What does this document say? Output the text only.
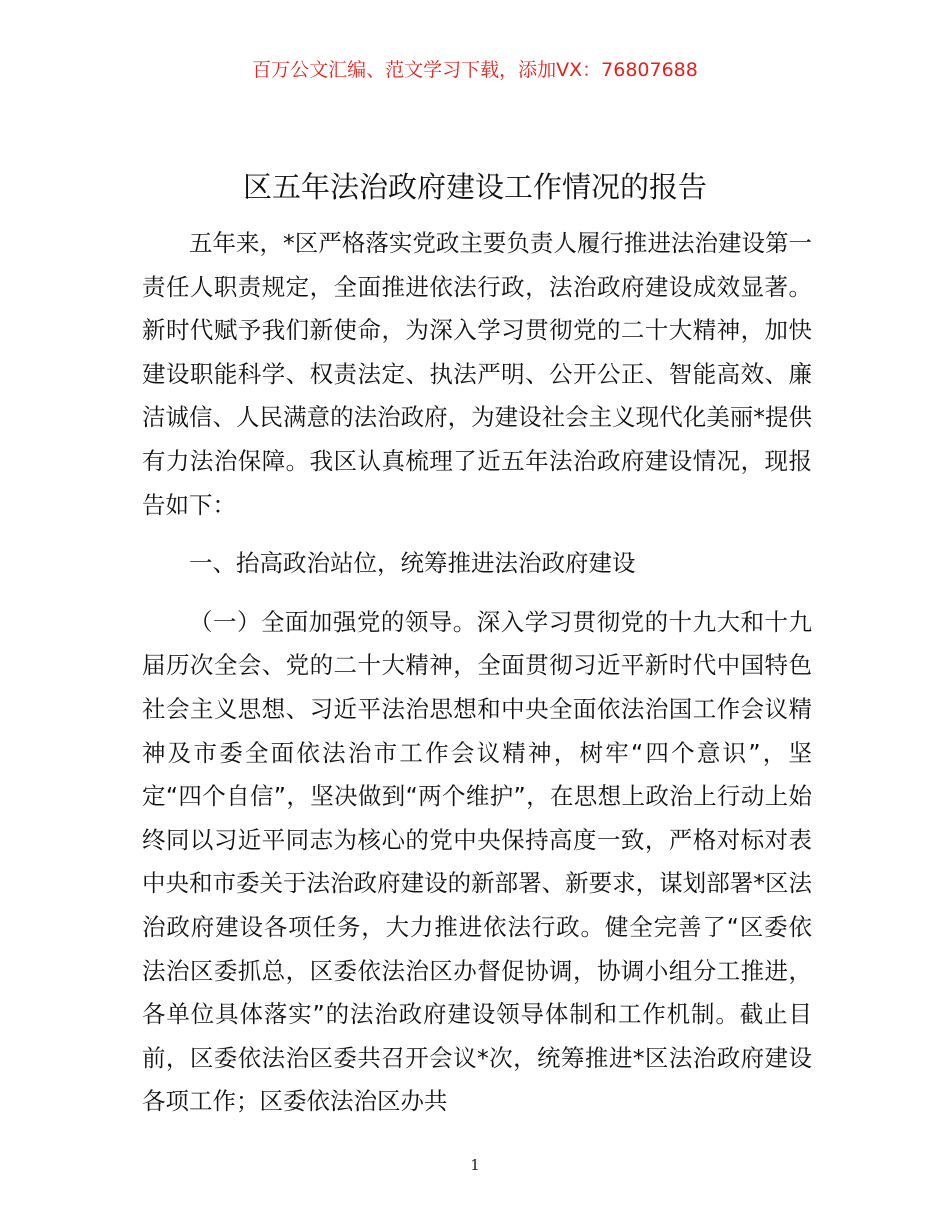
百万公文汇编、范文学习下载，添加VX：76807688
区五年法治政府建设工作情况的报告

五年来，*区严格落实党政主要负责人履行推进法治建设第一责任人职责规定，全面推进依法行政，法治政府建设成效显著。新时代赋予我们新使命，为深入学习贯彻党的二十大精神，加快建设职能科学、权责法定、执法严明、公开公正、智能高效、廉洁诚信、人民满意的法治政府，为建设社会主义现代化美丽*提供有力法治保障。我区认真梳理了近五年法治政府建设情况，现报告如下：

一、抬高政治站位，统筹推进法治政府建设

（一）全面加强党的领导。深入学习贯彻党的十九大和十九届历次全会、党的二十大精神，全面贯彻习近平新时代中国特色社会主义思想、习近平法治思想和中央全面依法治国工作会议精神及市委全面依法治市工作会议精神，树牢“四个意识”，坚定“四个自信”，坚决做到“两个维护”，在思想上政治上行动上始终同以习近平同志为核心的党中央保持高度一致，严格对标对表中央和市委关于法治政府建设的新部署、新要求，谋划部署*区法治政府建设各项任务，大力推进依法行政。健全完善了“区委依法治区委抓总，区委依法治区办督促协调，协调小组分工推进，各单位具体落实”的法治政府建设领导体制和工作机制。截止目前，区委依法治区委共召开会议*次，统筹推进*区法治政府建设各项工作；区委依法治区办共

1
